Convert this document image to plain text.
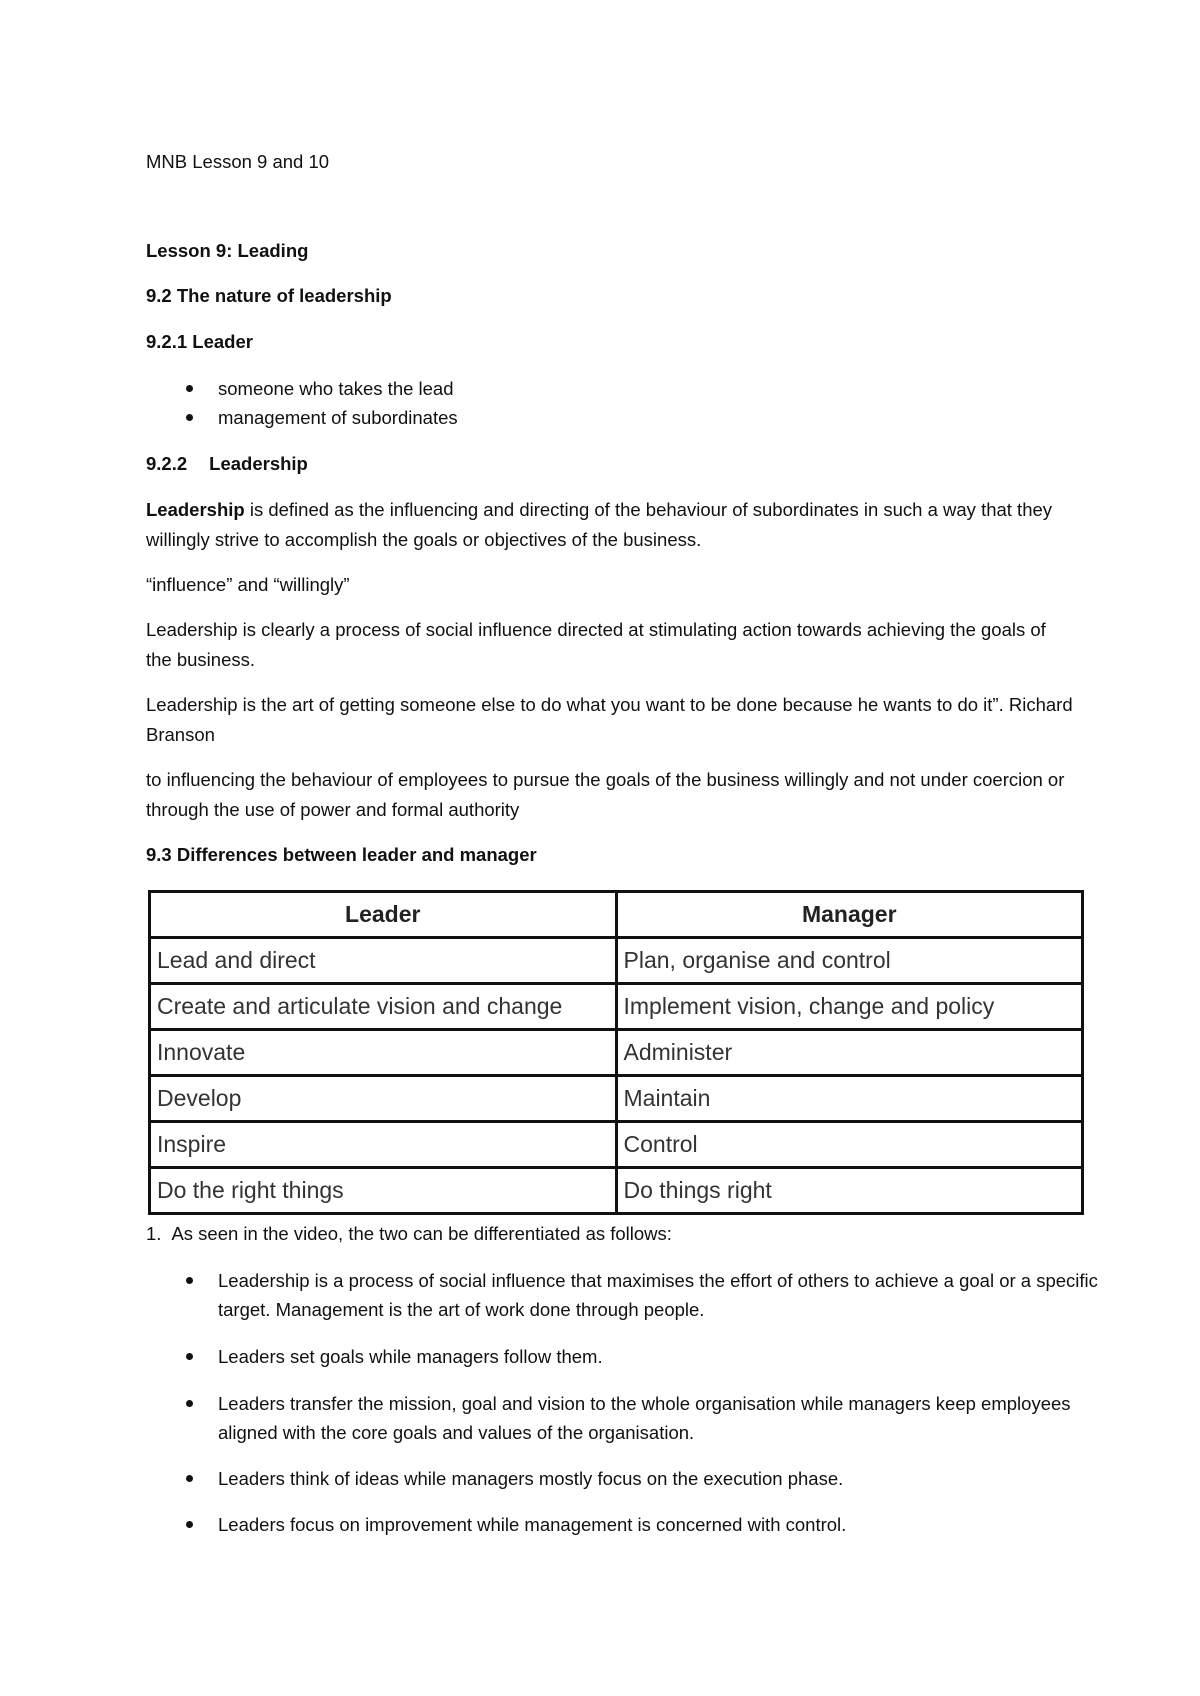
MNB Lesson 9 and 10
Lesson 9: Leading
9.2 The nature of leadership
9.2.1 Leader
someone who takes the lead
management of subordinates
9.2.2 Leadership
Leadership is defined as the influencing and directing of the behaviour of subordinates in such a way that they willingly strive to accomplish the goals or objectives of the business.
“influence” and “willingly”
Leadership is clearly a process of social influence directed at stimulating action towards achieving the goals of the business.
Leadership is the art of getting someone else to do what you want to be done because he wants to do it”. Richard Branson
to influencing the behaviour of employees to pursue the goals of the business willingly and not under coercion or through the use of power and formal authority
9.3 Differences between leader and manager
Leader	Manager
Lead and direct	Plan, organise and control
Create and articulate vision and change	Implement vision, change and policy
Innovate	Administer
Develop	Maintain
Inspire	Control
Do the right things	Do things right
1. As seen in the video, the two can be differentiated as follows:
Leadership is a process of social influence that maximises the effort of others to achieve a goal or a specific target. Management is the art of work done through people.
Leaders set goals while managers follow them.
Leaders transfer the mission, goal and vision to the whole organisation while managers keep employees aligned with the core goals and values of the organisation.
Leaders think of ideas while managers mostly focus on the execution phase.
Leaders focus on improvement while management is concerned with control.
